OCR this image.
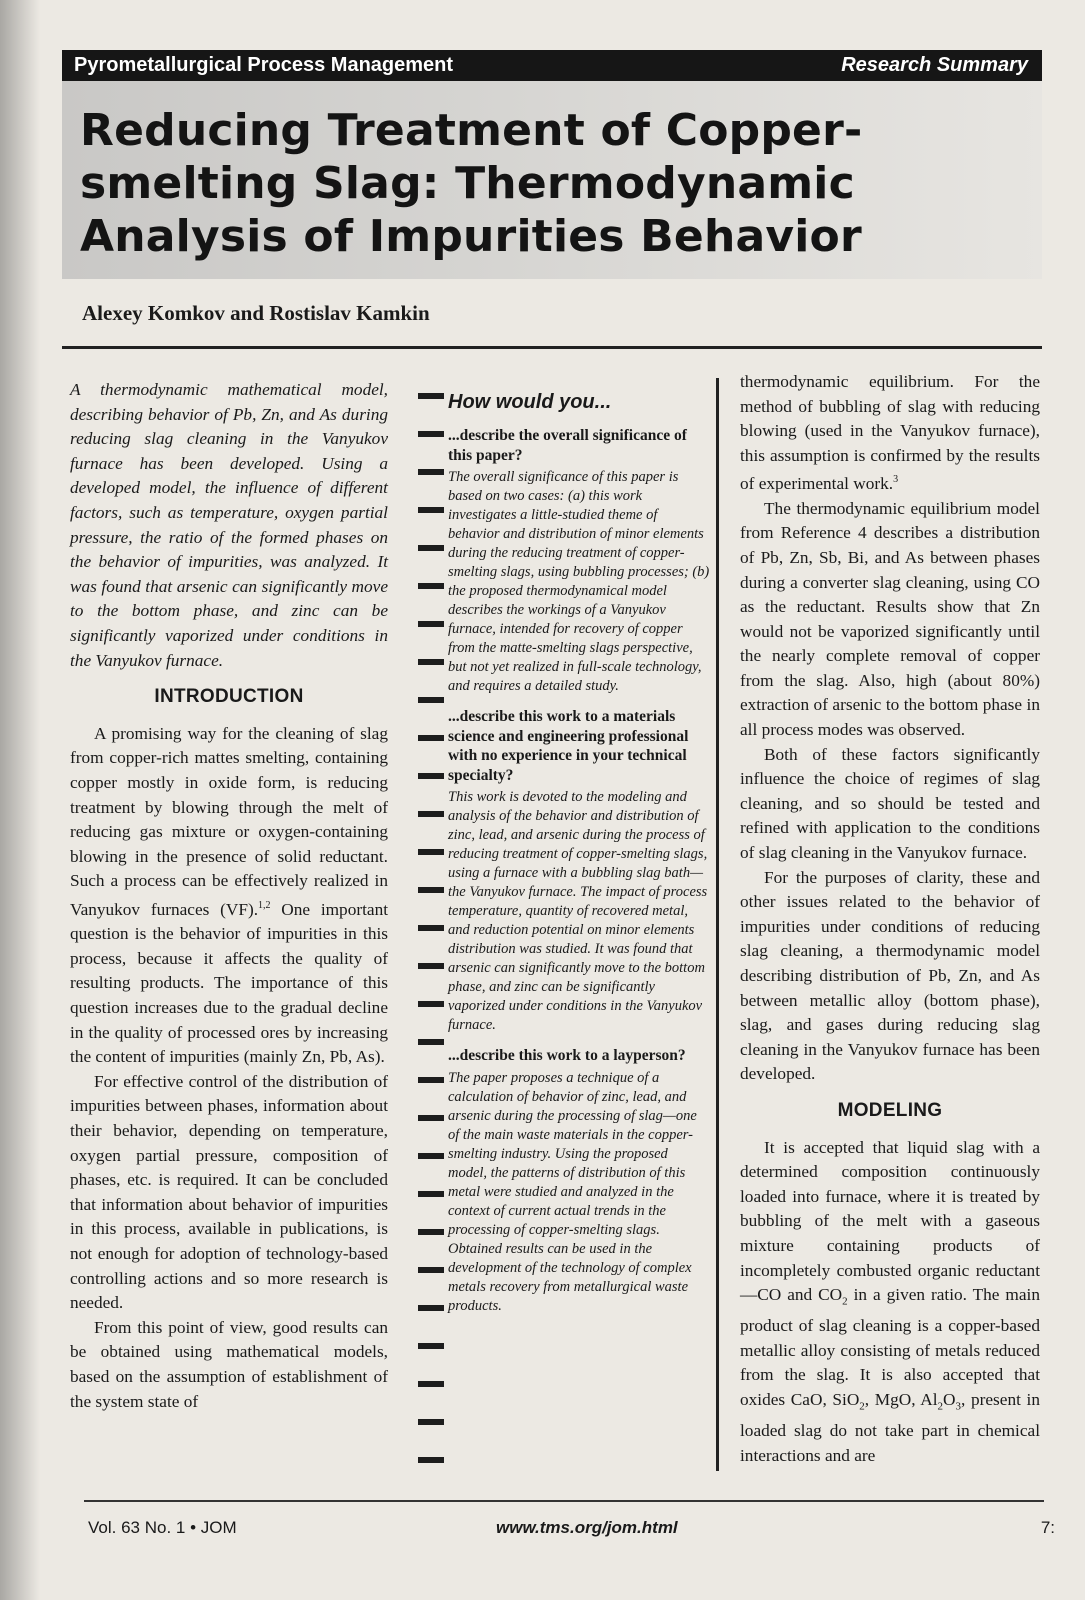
Pyrometallurgical Process Management	Research Summary
Reducing Treatment of Copper-smelting Slag: Thermodynamic Analysis of Impurities Behavior
Alexey Komkov and Rostislav Kamkin

A thermodynamic mathematical model, describing behavior of Pb, Zn, and As during reducing slag cleaning in the Vanyukov furnace has been developed. Using a developed model, the influence of different factors, such as temperature, oxygen partial pressure, the ratio of the formed phases on the behavior of impurities, was analyzed. It was found that arsenic can significantly move to the bottom phase, and zinc can be significantly vaporized under conditions in the Vanyukov furnace.

INTRODUCTION

A promising way for the cleaning of slag from copper-rich mattes smelting, containing copper mostly in oxide form, is reducing treatment by blowing through the melt of reducing gas mixture or oxygen-containing blowing in the presence of solid reductant. Such a process can be effectively realized in Vanyukov furnaces (VF).$^{1,2}$ One important question is the behavior of impurities in this process, because it affects the quality of resulting products. The importance of this question increases due to the gradual decline in the quality of processed ores by increasing the content of impurities (mainly Zn, Pb, As).

For effective control of the distribution of impurities between phases, information about their behavior, depending on temperature, oxygen partial pressure, composition of phases, etc. is required. It can be concluded that information about behavior of impurities in this process, available in publications, is not enough for adoption of technology-based controlling actions and so more research is needed.

From this point of view, good results can be obtained using mathematical models, based on the assumption of establishment of the system state of

How would you...

...describe the overall significance of this paper?

The overall significance of this paper is based on two cases: (a) this work investigates a little-studied theme of behavior and distribution of minor elements during the reducing treatment of copper-smelting slags, using bubbling processes; (b) the proposed thermodynamical model describes the workings of a Vanyukov furnace, intended for recovery of copper from the matte-smelting slags perspective, but not yet realized in full-scale technology, and requires a detailed study.

...describe this work to a materials science and engineering professional with no experience in your technical specialty?

This work is devoted to the modeling and analysis of the behavior and distribution of zinc, lead, and arsenic during the process of reducing treatment of copper-smelting slags, using a furnace with a bubbling slag bath—the Vanyukov furnace. The impact of process temperature, quantity of recovered metal, and reduction potential on minor elements distribution was studied. It was found that arsenic can significantly move to the bottom phase, and zinc can be significantly vaporized under conditions in the Vanyukov furnace.

...describe this work to a layperson?

The paper proposes a technique of a calculation of behavior of zinc, lead, and arsenic during the processing of slag—one of the main waste materials in the copper-smelting industry. Using the proposed model, the patterns of distribution of this metal were studied and analyzed in the context of current actual trends in the processing of copper-smelting slags. Obtained results can be used in the development of the technology of complex metals recovery from metallurgical waste products.

thermodynamic equilibrium. For the method of bubbling of slag with reducing blowing (used in the Vanyukov furnace), this assumption is confirmed by the results of experimental work.$^3$

The thermodynamic equilibrium model from Reference 4 describes a distribution of Pb, Zn, Sb, Bi, and As between phases during a converter slag cleaning, using CO as the reductant. Results show that Zn would not be vaporized significantly until the nearly complete removal of copper from the slag. Also, high (about 80%) extraction of arsenic to the bottom phase in all process modes was observed.

Both of these factors significantly influence the choice of regimes of slag cleaning, and so should be tested and refined with application to the conditions of slag cleaning in the Vanyukov furnace.

For the purposes of clarity, these and other issues related to the behavior of impurities under conditions of reducing slag cleaning, a thermodynamic model describing distribution of Pb, Zn, and As between metallic alloy (bottom phase), slag, and gases during reducing slag cleaning in the Vanyukov furnace has been developed.

MODELING

It is accepted that liquid slag with a determined composition continuously loaded into furnace, where it is treated by bubbling of the melt with a gaseous mixture containing products of incompletely combusted organic reductant—CO and $CO_2$ in a given ratio. The main product of slag cleaning is a copper-based metallic alloy consisting of metals reduced from the slag. It is also accepted that oxides CaO, SiO$_2$, MgO, $Al_2O_3$, present in loaded slag do not take part in chemical interactions and are

Vol. 63 No. 1 • JOM	www.tms.org/jom.html	7:
